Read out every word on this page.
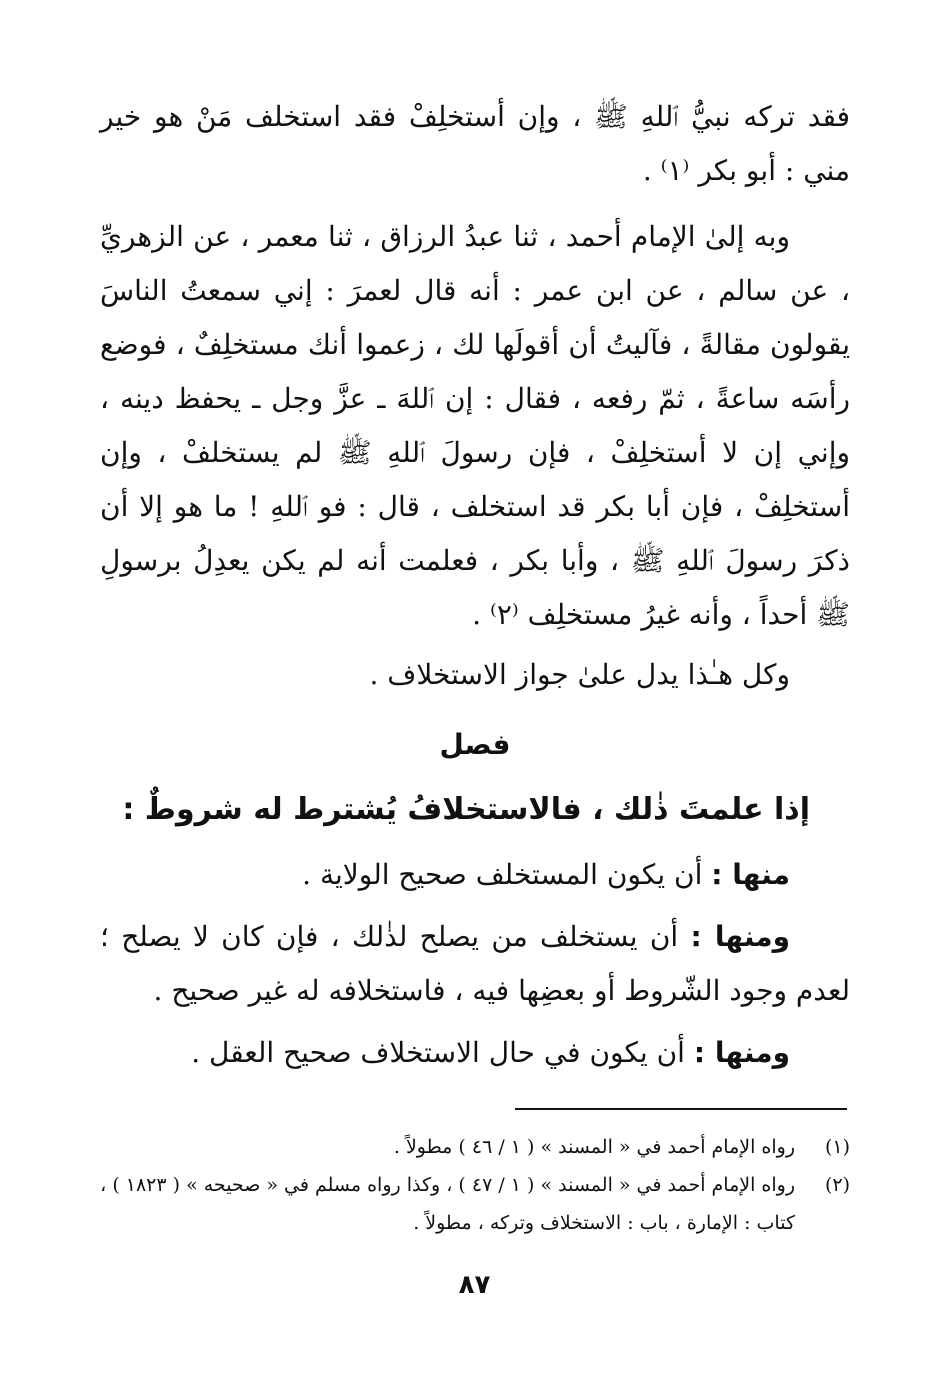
فقد تركه نبيُّ ٱللهِ ﷺ ، وإن أستخلِفْ فقد استخلف مَنْ هو خير مني : أبو بكر ⁽١⁾ .

وبه إلىٰ الإمام أحمد ، ثنا عبدُ الرزاق ، ثنا معمر ، عن الزهريِّ ، عن سالم ، عن ابن عمر : أنه قال لعمرَ : إني سمعتُ الناسَ يقولون مقالةً ، فآليتُ أن أقولَها لك ، زعموا أنك مستخلِفٌ ، فوضع رأسَه ساعةً ، ثمّ رفعه ، فقال : إن ٱللهَ ـ عزَّ وجل ـ يحفظ دينه ، وإني إن لا أستخلِفْ ، فإن رسولَ ٱللهِ ﷺ لم يستخلفْ ، وإن أستخلِفْ ، فإن أبا بكر قد استخلف ، قال : فو ٱللهِ ! ما هو إلا أن ذكرَ رسولَ ٱللهِ ﷺ ، وأبا بكر ، فعلمت أنه لم يكن يعدِلُ برسولِ ﷺ أحداً ، وأنه غيرُ مستخلِف ⁽٢⁾ .

وكل هـٰذا يدل علىٰ جواز الاستخلاف .
فصل
إذا علمتَ ذٰلك ، فالاستخلافُ يُشترط له شروطٌ :
منها : أن يكون المستخلف صحيح الولاية .
ومنها : أن يستخلف من يصلح لذٰلك ، فإن كان لا يصلح ؛ لعدم وجود الشّروط أو بعضِها فيه ، فاستخلافه له غير صحيح .
ومنها : أن يكون في حال الاستخلاف صحيح العقل .
(١)
رواه الإمام أحمد في « المسند » ( ١ / ٤٦ ) مطولاً .
(٢)
رواه الإمام أحمد في « المسند » ( ١ / ٤٧ ) ، وكذا رواه مسلم في « صحيحه » ( ١٨٢٣ ) ، كتاب : الإمارة ، باب : الاستخلاف وتركه ، مطولاً .
٨٧
